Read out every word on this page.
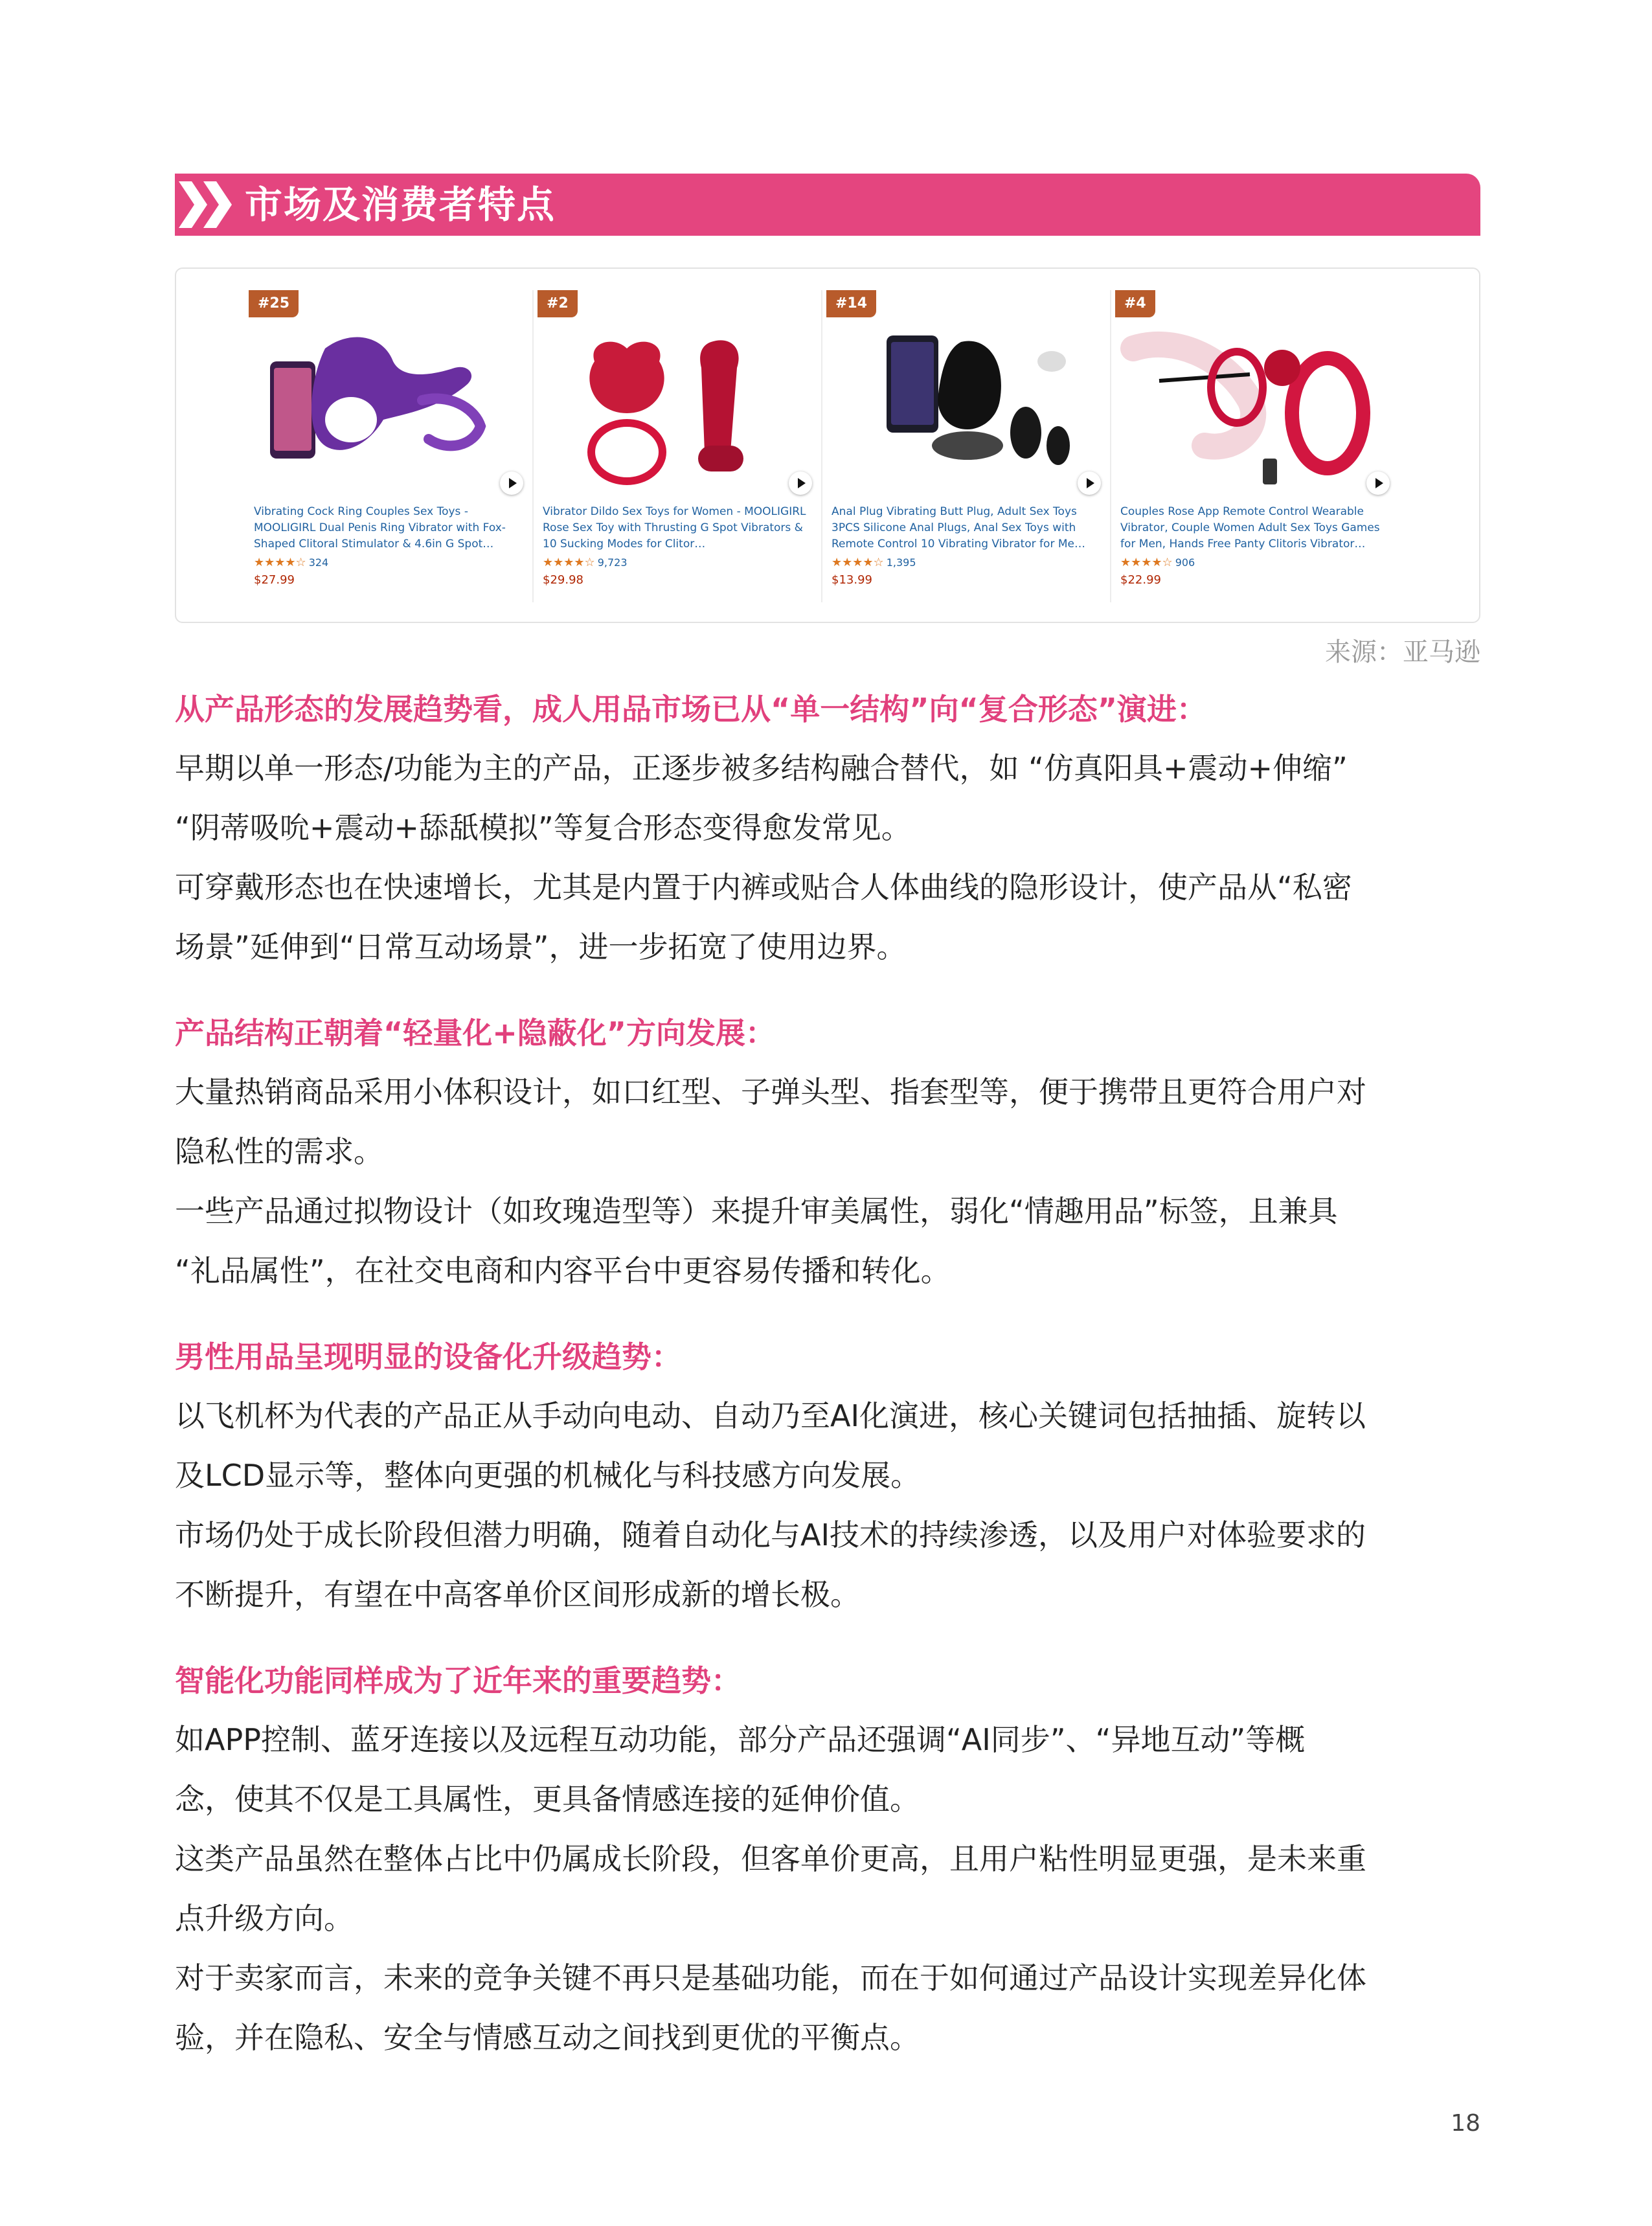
市场及消费者特点
#25
Vibrating Cock Ring Couples Sex Toys - MOOLIGIRL Dual Penis Ring Vibrator with Fox-Shaped Clitoral Stimulator & 4.6in G Spot…
★★★★☆ 324
$27.99
#2
Vibrator Dildo Sex Toys for Women - MOOLIGIRL Rose Sex Toy with Thrusting G Spot Vibrators & 10 Sucking Modes for Clitor…
★★★★☆ 9,723
$29.98
#14
Anal Plug Vibrating Butt Plug, Adult Sex Toys 3PCS Silicone Anal Plugs, Anal Sex Toys with Remote Control 10 Vibrating Vibrator for Me…
★★★★☆ 1,395
$13.99
#4
Couples Rose App Remote Control Wearable Vibrator, Couple Women Adult Sex Toys Games for Men, Hands Free Panty Clitoris Vibrator…
★★★★☆ 906
$22.99
来源：亚马逊
从产品形态的发展趋势看，成人用品市场已从“单一结构”向“复合形态”演进：
早期以单一形态/功能为主的产品，正逐步被多结构融合替代，如 “仿真阳具+震动+伸缩”
“阴蒂吸吮+震动+舔舐模拟”等复合形态变得愈发常见。
可穿戴形态也在快速增长，尤其是内置于内裤或贴合人体曲线的隐形设计，使产品从“私密
场景”延伸到“日常互动场景”，进一步拓宽了使用边界。
产品结构正朝着“轻量化+隐蔽化”方向发展：
大量热销商品采用小体积设计，如口红型、子弹头型、指套型等，便于携带且更符合用户对
隐私性的需求。
一些产品通过拟物设计（如玫瑰造型等）来提升审美属性，弱化“情趣用品”标签，且兼具
“礼品属性”，在社交电商和内容平台中更容易传播和转化。
男性用品呈现明显的设备化升级趋势：
以飞机杯为代表的产品正从手动向电动、自动乃至AI化演进，核心关键词包括抽插、旋转以
及LCD显示等，整体向更强的机械化与科技感方向发展。
市场仍处于成长阶段但潜力明确，随着自动化与AI技术的持续渗透，以及用户对体验要求的
不断提升，有望在中高客单价区间形成新的增长极。
智能化功能同样成为了近年来的重要趋势：
如APP控制、蓝牙连接以及远程互动功能，部分产品还强调“AI同步”、“异地互动”等概
念，使其不仅是工具属性，更具备情感连接的延伸价值。
这类产品虽然在整体占比中仍属成长阶段，但客单价更高，且用户粘性明显更强，是未来重
点升级方向。
对于卖家而言，未来的竞争关键不再只是基础功能，而在于如何通过产品设计实现差异化体
验，并在隐私、安全与情感互动之间找到更优的平衡点。
18
